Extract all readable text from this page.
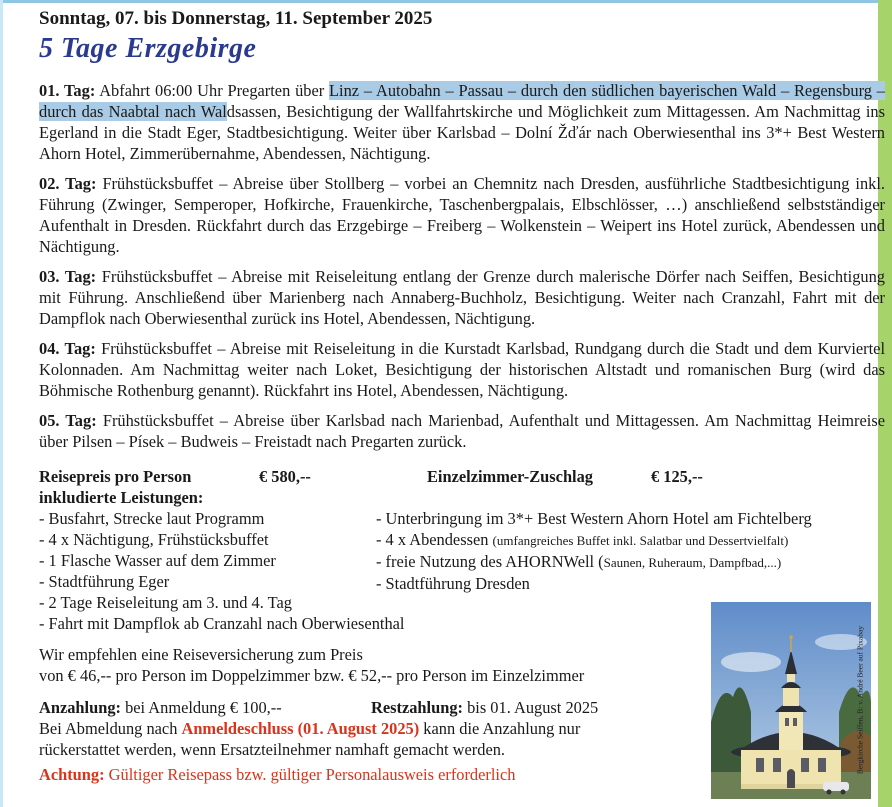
Sonntag, 07. bis Donnerstag, 11. September 2025

5 Tage Erzgebirge

01. Tag: Abfahrt 06:00 Uhr Pregarten über Linz – Autobahn – Passau – durch den südlichen bayerischen Wald – Regensburg – durch das Naabtal nach Waldsassen, Besichtigung der Wallfahrtskirche und Möglichkeit zum Mittagessen. Am Nachmittag ins Egerland in die Stadt Eger, Stadtbesichtigung. Weiter über Karlsbad – Dolní Žďár nach Oberwiesenthal ins 3*+ Best Western Ahorn Hotel, Zimmerübernahme, Abendessen, Nächtigung.

02. Tag: Frühstücksbuffet – Abreise über Stollberg – vorbei an Chemnitz nach Dresden, ausführliche Stadtbesichtigung inkl. Führung (Zwinger, Semperoper, Hofkirche, Frauenkirche, Taschenbergpalais, Elbschlösser, …) anschließend selbstständiger Aufenthalt in Dresden. Rückfahrt durch das Erzgebirge – Freiberg – Wolkenstein – Weipert ins Hotel zurück, Abendessen und Nächtigung.

03. Tag: Frühstücksbuffet – Abreise mit Reiseleitung entlang der Grenze durch malerische Dörfer nach Seiffen, Besichtigung mit Führung. Anschließend über Marienberg nach Annaberg-Buchholz, Besichtigung. Weiter nach Cranzahl, Fahrt mit der Dampflok nach Oberwiesenthal zurück ins Hotel, Abendessen, Nächtigung.

04. Tag: Frühstücksbuffet – Abreise mit Reiseleitung in die Kurstadt Karlsbad, Rundgang durch die Stadt und dem Kurviertel Kolonnaden. Am Nachmittag weiter nach Loket, Besichtigung der historischen Altstadt und romanischen Burg (wird das Böhmische Rothenburg genannt). Rückfahrt ins Hotel, Abendessen, Nächtigung.

05. Tag: Frühstücksbuffet – Abreise über Karlsbad nach Marienbad, Aufenthalt und Mittagessen. Am Nachmittag Heimreise über Pilsen – Písek – Budweis – Freistadt nach Pregarten zurück.

Reisepreis pro Person	€ 580,--	Einzelzimmer-Zuschlag	€ 125,--

inkludierte Leistungen:

- Busfahrt, Strecke laut Programm
- 4 x Nächtigung, Frühstücksbuffet
- 1 Flasche Wasser auf dem Zimmer
- Stadtführung Eger
- 2 Tage Reiseleitung am 3. und 4. Tag
- Fahrt mit Dampflok ab Cranzahl nach Oberwiesenthal
- Unterbringung im 3*+ Best Western Ahorn Hotel am Fichtelberg
- 4 x Abendessen (umfangreiches Buffet inkl. Salatbar und Dessertvielfalt)
- freie Nutzung des AHORNWell (Saunen, Ruheraum, Dampfbad,...)
- Stadtführung Dresden

Wir empfehlen eine Reiseversicherung zum Preis

von € 46,-- pro Person im Doppelzimmer bzw. € 52,-- pro Person im Einzelzimmer

Anzahlung: bei Anmeldung € 100,--	Restzahlung: bis 01. August 2025

Bei Abmeldung nach Anmeldeschluss (01. August 2025) kann die Anzahlung nur

rückerstattet werden, wenn Ersatzteilnehmer namhaft gemacht werden.

Achtung: Gültiger Reisepass bzw. gültiger Personalausweis erforderlich

Bergkirche Seiffen, B: v. André Beer auf Pixabay
